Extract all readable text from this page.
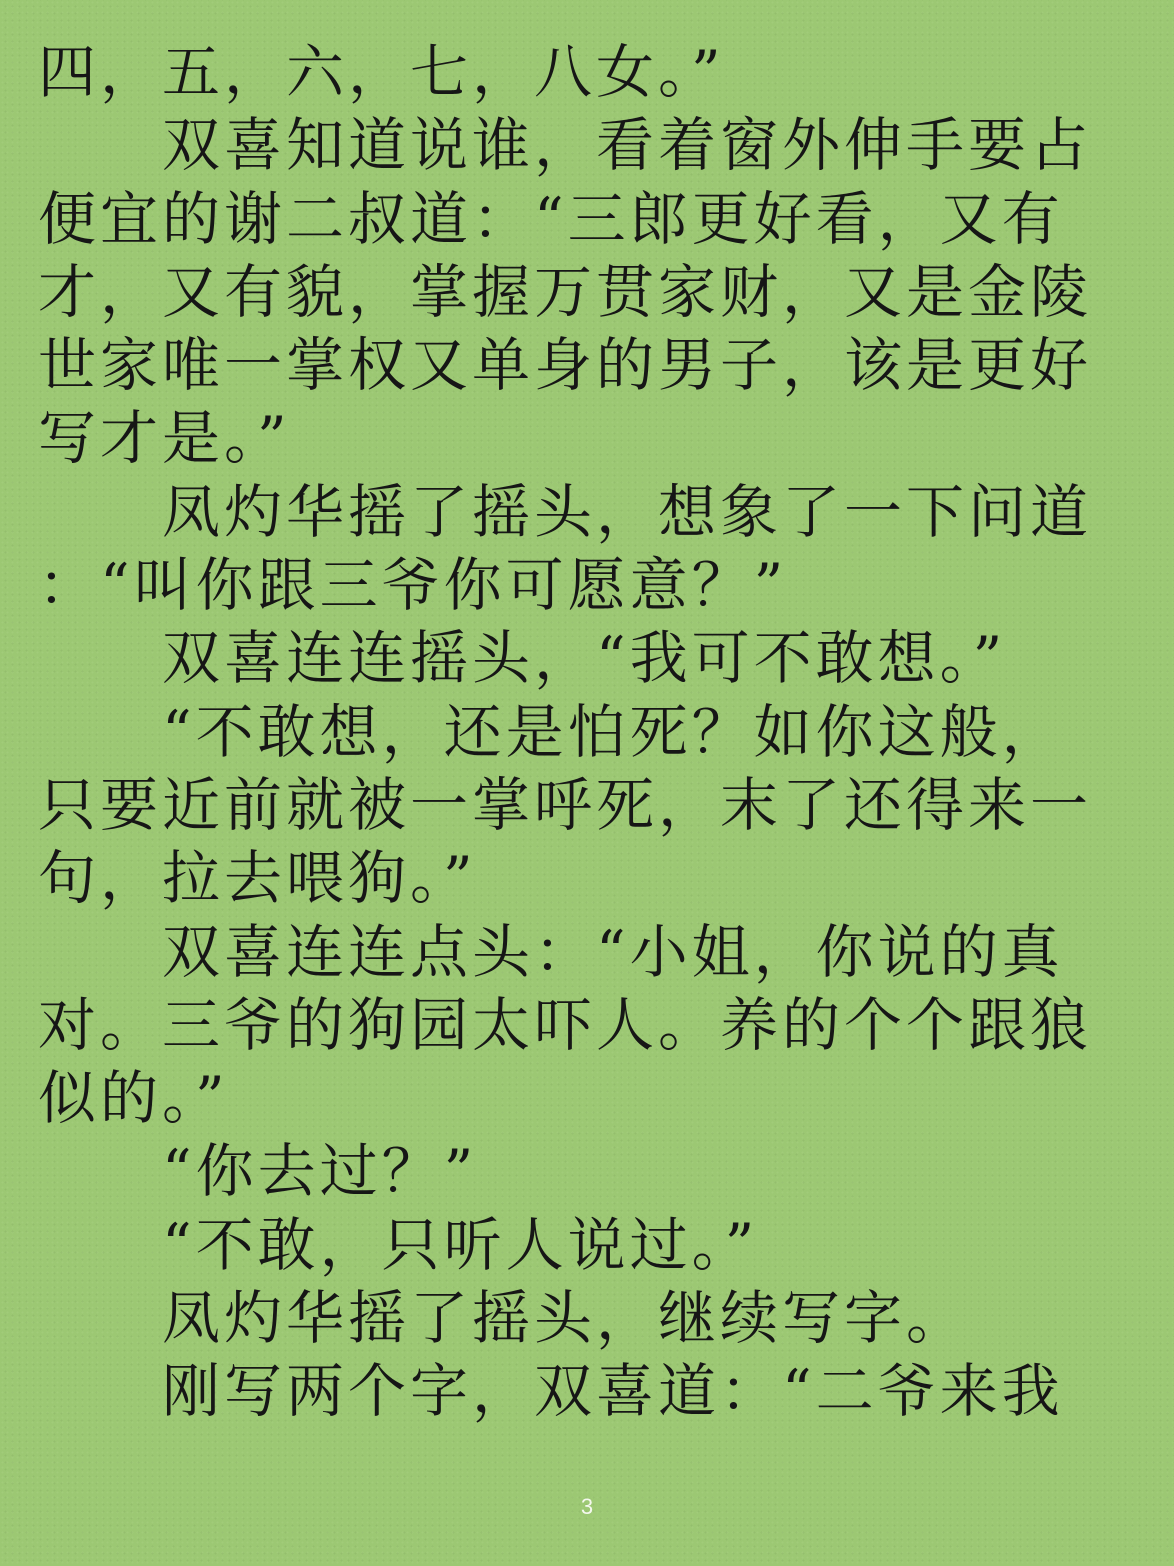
四，五，六，七，八女。”
　　双喜知道说谁，看着窗外伸手要占
便宜的谢二叔道：“三郎更好看，又有
才，又有貌，掌握万贯家财，又是金陵
世家唯一掌权又单身的男子，该是更好
写才是。”
　　凤灼华摇了摇头，想象了一下问道
：“叫你跟三爷你可愿意？”
　　双喜连连摇头，“我可不敢想。”
　　“不敢想，还是怕死？如你这般，
只要近前就被一掌呼死，末了还得来一
句，拉去喂狗。”
　　双喜连连点头：“小姐，你说的真
对。三爷的狗园太吓人。养的个个跟狼
似的。”
　　“你去过？”
　　“不敢，只听人说过。”
　　凤灼华摇了摇头，继续写字。
　　刚写两个字，双喜道：“二爷来我
3
